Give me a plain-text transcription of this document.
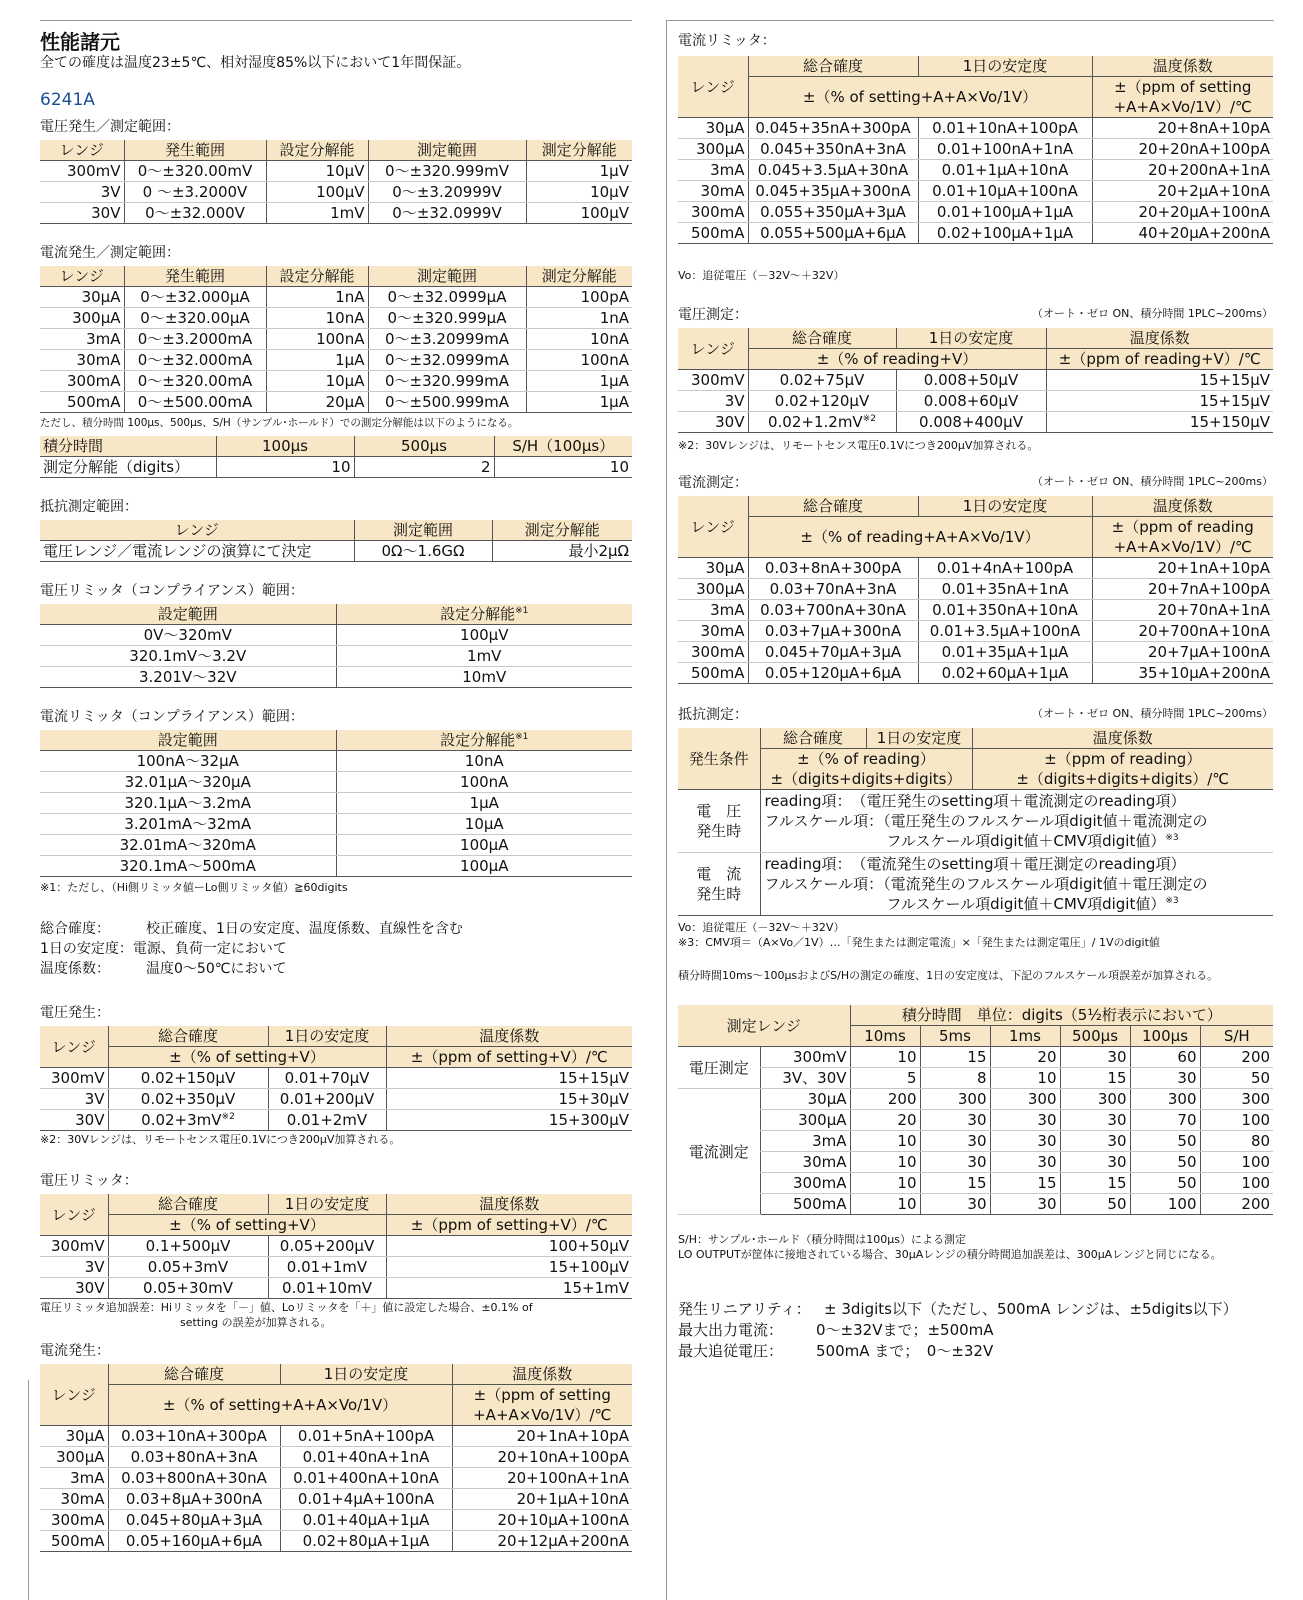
性能諸元
全ての確度は温度23±5℃、相対湿度85%以下において1年間保証。
6241A
電圧発生／測定範囲：
レンジ	発生範囲	設定分解能	測定範囲	測定分解能
300mV	0～±320.00mV	10μV	0～±320.999mV	1μV
3V	0 ～±3.2000V	100μV	0～±3.20999V	10μV
30V	0～±32.000V	1mV	0～±32.0999V	100μV
電流発生／測定範囲：
レンジ	発生範囲	設定分解能	測定範囲	測定分解能
30μA	0～±32.000μA	1nA	0～±32.0999μA	100pA
300μA	0～±320.00μA	10nA	0～±320.999μA	1nA
3mA	0～±3.2000mA	100nA	0～±3.20999mA	10nA
30mA	0～±32.000mA	1μA	0～±32.0999mA	100nA
300mA	0～±320.00mA	10μA	0～±320.999mA	1μA
500mA	0～±500.00mA	20μA	0～±500.999mA	1μA
ただし、積分時間 100μs、500μs、S/H（サンプル･ホールド）での測定分解能は以下のようになる。
積分時間	100μs	500μs	S/H（100μs）
測定分解能（digits）	10	2	10
抵抗測定範囲：
レンジ	測定範囲	測定分解能
電圧レンジ／電流レンジの演算にて決定	0Ω～1.6GΩ	最小2μΩ
電圧リミッタ（コンプライアンス）範囲：
設定範囲	設定分解能$^{※1}$
0V～320mV	100μV
320.1mV～3.2V	1mV
3.201V～32V	10mV
電流リミッタ（コンプライアンス）範囲：
設定範囲	設定分解能$^{※1}$
100nA～32μA	10nA
32.01μA～320μA	100nA
320.1μA～3.2mA	1μA
3.201mA～32mA	10μA
32.01mA～320mA	100μA
320.1mA～500mA	100μA
※1：ただし、（Hi側リミッタ値ーLo側リミッタ値）≧60digits
総合確度：	校正確度、1日の安定度、温度係数、直線性を含む
1日の安定度：電源、負荷一定において
温度係数：	温度0～50℃において
電圧発生：
レンジ	総合確度	1日の安定度	温度係数
	±（% of setting+V）		±（ppm of setting+V）/℃
300mV	0.02+150μV	0.01+70μV	15+15μV
3V	0.02+350μV	0.01+200μV	15+30μV
30V	$0.02+3mV^{※2}$	0.01+2mV	15+300μV
※2：30Vレンジは、リモートセンス電圧0.1Vにつき200μV加算される。
電圧リミッタ：
レンジ	総合確度	1日の安定度	温度係数
	±（% of setting+V）		±（ppm of setting+V）/℃
300mV	0.1+500μV	0.05+200μV	100+50μV
3V	0.05+3mV	0.01+1mV	15+100μV
30V	0.05+30mV	0.01+10mV	15+1mV
電圧リミッタ追加誤差：Hiリミッタを「－」値、Loリミッタを「＋」値に設定した場合、±0.1% of
setting の誤差が加算される。
電流発生：
レンジ	総合確度	1日の安定度	温度係数
	±（% of setting+A+A×Vo/1V）		±（ppm of setting
			+A+A×Vo/1V）/℃
30μA	0.03+10nA+300pA	0.01+5nA+100pA	20+1nA+10pA
300μA	0.03+80nA+3nA	0.01+40nA+1nA	20+10nA+100pA
3mA	0.03+800nA+30nA	0.01+400nA+10nA	20+100nA+1nA
30mA	0.03+8μA+300nA	0.01+4μA+100nA	20+1μA+10nA
300mA	0.045+80μA+3μA	0.01+40μA+1μA	20+10μA+100nA
500mA	0.05+160μA+6μA	0.02+80μA+1μA	20+12μA+200nA
電流リミッタ：
レンジ	総合確度	1日の安定度	温度係数
	±（% of setting+A+A×Vo/1V）		±（ppm of setting
			+A+A×Vo/1V）/℃
30μA	0.045+35nA+300pA	0.01+10nA+100pA	20+8nA+10pA
300μA	0.045+350nA+3nA	0.01+100nA+1nA	20+20nA+100pA
3mA	0.045+3.5μA+30nA	0.01+1μA+10nA	20+200nA+1nA
30mA	0.045+35μA+300nA	0.01+10μA+100nA	20+2μA+10nA
300mA	0.055+350μA+3μA	0.01+100μA+1μA	20+20μA+100nA
500mA	0.055+500μA+6μA	0.02+100μA+1μA	40+20μA+200nA
Vo：追従電圧（－32V～＋32V）
電圧測定：	（オート・ゼロ ON、積分時間 1PLC~200ms）
レンジ	総合確度	1日の安定度	温度係数
	±（% of reading+V）		±（ppm of reading+V）/℃
300mV	0.02+75μV	0.008+50μV	15+15μV
3V	0.02+120μV	0.008+60μV	15+15μV
30V	$0.02+1.2mV^{※2}$	0.008+400μV	15+150μV
※2：30Vレンジは、リモートセンス電圧0.1Vにつき200μV加算される。
電流測定：	（オート・ゼロ ON、積分時間 1PLC~200ms）
レンジ	総合確度	1日の安定度	温度係数
	±（% of reading+A+A×Vo/1V）		±（ppm of reading
			+A+A×Vo/1V）/℃
30μA	0.03+8nA+300pA	0.01+4nA+100pA	20+1nA+10pA
300μA	0.03+70nA+3nA	0.01+35nA+1nA	20+7nA+100pA
3mA	0.03+700nA+30nA	0.01+350nA+10nA	20+70nA+1nA
30mA	0.03+7μA+300nA	0.01+3.5μA+100nA	20+700nA+10nA
300mA	0.045+70μA+3μA	0.01+35μA+1μA	20+7μA+100nA
500mA	0.05+120μA+6μA	0.02+60μA+1μA	35+10μA+200nA
抵抗測定：	（オート・ゼロ ON、積分時間 1PLC~200ms）
発生条件	総合確度	1日の安定度	温度係数
	±（% of reading）		±（ppm of reading）
	±（digits+digits+digits）		±（digits+digits+digits）/℃
電　圧
発生時	reading項：　（電圧発生のsetting項＋電流測定のreading項）
フルスケール項：（電圧発生のフルスケール項digit値＋電流測定の
フルスケール項digit値＋CMV項digit値）$^{※3}$
電　流
発生時	reading項：　（電流発生のsetting項＋電圧測定のreading項）
フルスケール項：（電流発生のフルスケール項digit値＋電圧測定の
フルスケール項digit値＋CMV項digit値）$^{※3}$
Vo：追従電圧（－32V～＋32V）
※3：CMV項＝（A×Vo／1V）…「発生または測定電流」×「発生または測定電圧」/ 1Vのdigit値
積分時間10ms～100μsおよびS/Hの測定の確度、1日の安定度は、下記のフルスケール項誤差が加算される。
測定レンジ		積分時間　単位：digits（5½桁表示において）					
		10ms	5ms	1ms	500μs	100μs	S/H
電圧測定	300mV	10	15	20	30	60	200
	3V、30V	5	8	10	15	30	50
電流測定	30μA	200	300	300	300	300	300
	300μA	20	30	30	30	70	100
	3mA	10	30	30	30	50	80
	30mA	10	30	30	30	50	100
	300mA	10	15	15	15	50	100
	500mA	10	30	30	50	100	200
S/H：サンプル･ホールド（積分時間は100μs）による測定
LO OUTPUTが筐体に接地されている場合、30μAレンジの積分時間追加誤差は、300μAレンジと同じになる。
発生リニアリティ： ± 3digits以下（ただし、500mA レンジは、±5digits以下）
最大出力電流： 0～±32Vまで；±500mA
最大追従電圧： 500mA まで；　0～±32V
